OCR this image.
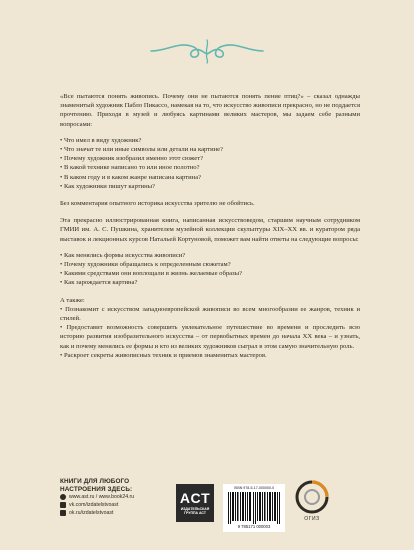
«Все пытаются понять живопись. Почему они не пытаются понять пение птиц?» – сказал однажды знаменитый художник Пабло Пикассо, намекая на то, что искусство живописи прекрасно, но не поддается прочтению. Приходя в музей и любуясь картинами великих мастеров, мы задаем себе разными вопросами:

• Что имел в виду художник?
• Что значат те или иные символы или детали на картине?
• Почему художник изобразил именно этот сюжет?
• В какой технике написано то или иное полотно?
• В каком году и в каком жанре написана картина?
• Как художники пишут картины?

Без комментария опытного историка искусства зрителю не обойтись.

Эта прекрасно иллюстрированная книга, написанная искусствоведом, старшим научным сотрудником ГМИИ им. А. С. Пушкина, хранителем музейной коллекции скульптуры XIX–XX вв. и куратором ряда выставок и лекционных курсов Натальей Кортуновой, поможет вам найти ответы на следующие вопросы:

• Как менялись формы искусства живописи?
• Почему художники обращались к определенным сюжетам?
• Какими средствами они воплощали в жизнь желаемые образы?
• Как зарождается картина?

А также:

• Познакомит с искусством западноевропейской живописи во всем многообразии ее жанров, техник и стилей.

• Предоставит возможность совершить увлекательное путешествие во времени и проследить всю историю развития изобразительного искусства – от первобытных времен до начала XX века – и узнать, как и почему менялись ее формы и кто из великих художников сыграл в этом самую значительную роль.

• Раскроет секреты живописных техник и приемов знаменитых мастеров.

КНИГИ ДЛЯ ЛЮБОГО
НАСТРОЕНИЯ ЗДЕСЬ:
www.ast.ru / www.book24.ru
vk.com/izdatelstvoast
ok.ru/izdatelstvoast
ACT
ИЗДАТЕЛЬСКАЯ ГРУППА АСТ
ISBN 978-5-17-000000-0
9 785171 000003
ОГИЗ
